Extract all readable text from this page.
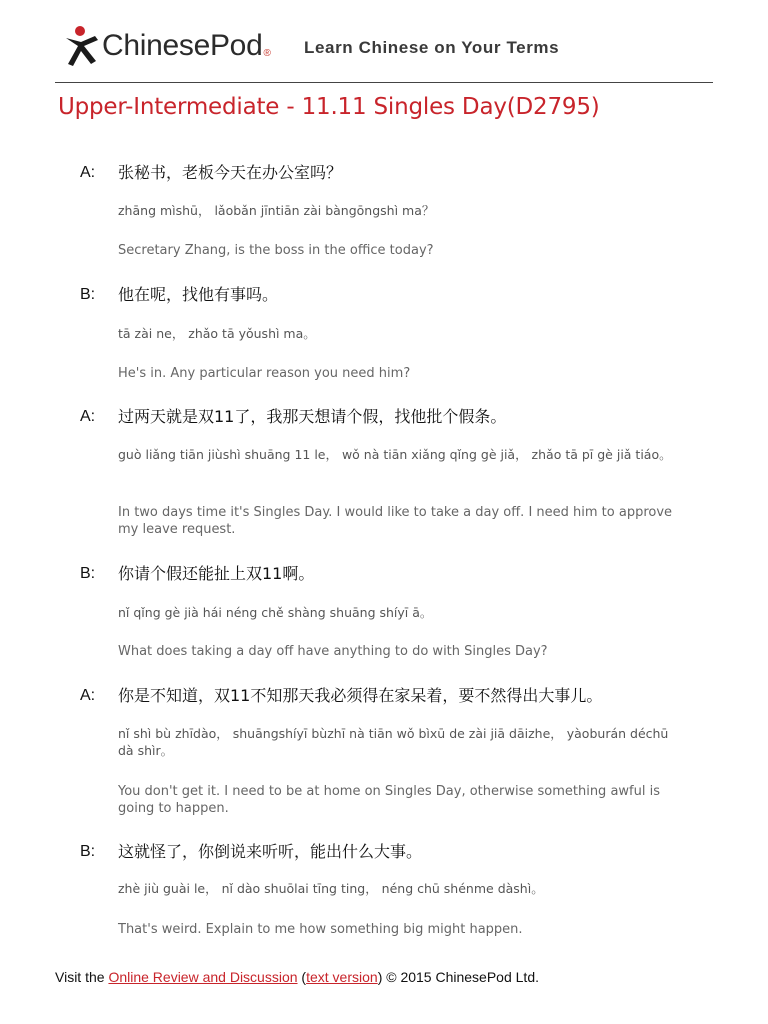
ChinesePod ® Learn Chinese on Your Terms
Upper-Intermediate - 11.11 Singles Day(D2795)
A: 张秘书，老板今天在办公室吗？
zhāng mìshū， lǎobǎn jīntiān zài bàngōngshì ma？
Secretary Zhang, is the boss in the office today?
B: 他在呢，找他有事吗。
tā zài ne， zhǎo tā yǒushì ma。
He's in. Any particular reason you need him?
A: 过两天就是双11了，我那天想请个假，找他批个假条。
guò liǎng tiān jiùshì shuāng 11 le， wǒ nà tiān xiǎng qǐng gè jiǎ， zhǎo tā pī gè jiǎ tiáo。
In two days time it's Singles Day. I would like to take a day off. I need him to approve my leave request.
B: 你请个假还能扯上双11啊。
nǐ qǐng gè jià hái néng chě shàng shuāng shíyī ā。
What does taking a day off have anything to do with Singles Day?
A: 你是不知道，双11不知那天我必须得在家呆着，要不然得出大事儿。
nǐ shì bù zhīdào， shuāngshíyī bùzhī nà tiān wǒ bìxū de zài jiā dāizhe， yàoburán déchū dà shìr。
You don't get it. I need to be at home on Singles Day, otherwise something awful is going to happen.
B: 这就怪了，你倒说来听听，能出什么大事。
zhè jiù guài le， nǐ dào shuōlai tīng ting， néng chū shénme dàshì。
That's weird. Explain to me how something big might happen.
Visit the Online Review and Discussion (text version) © 2015 ChinesePod Ltd.
